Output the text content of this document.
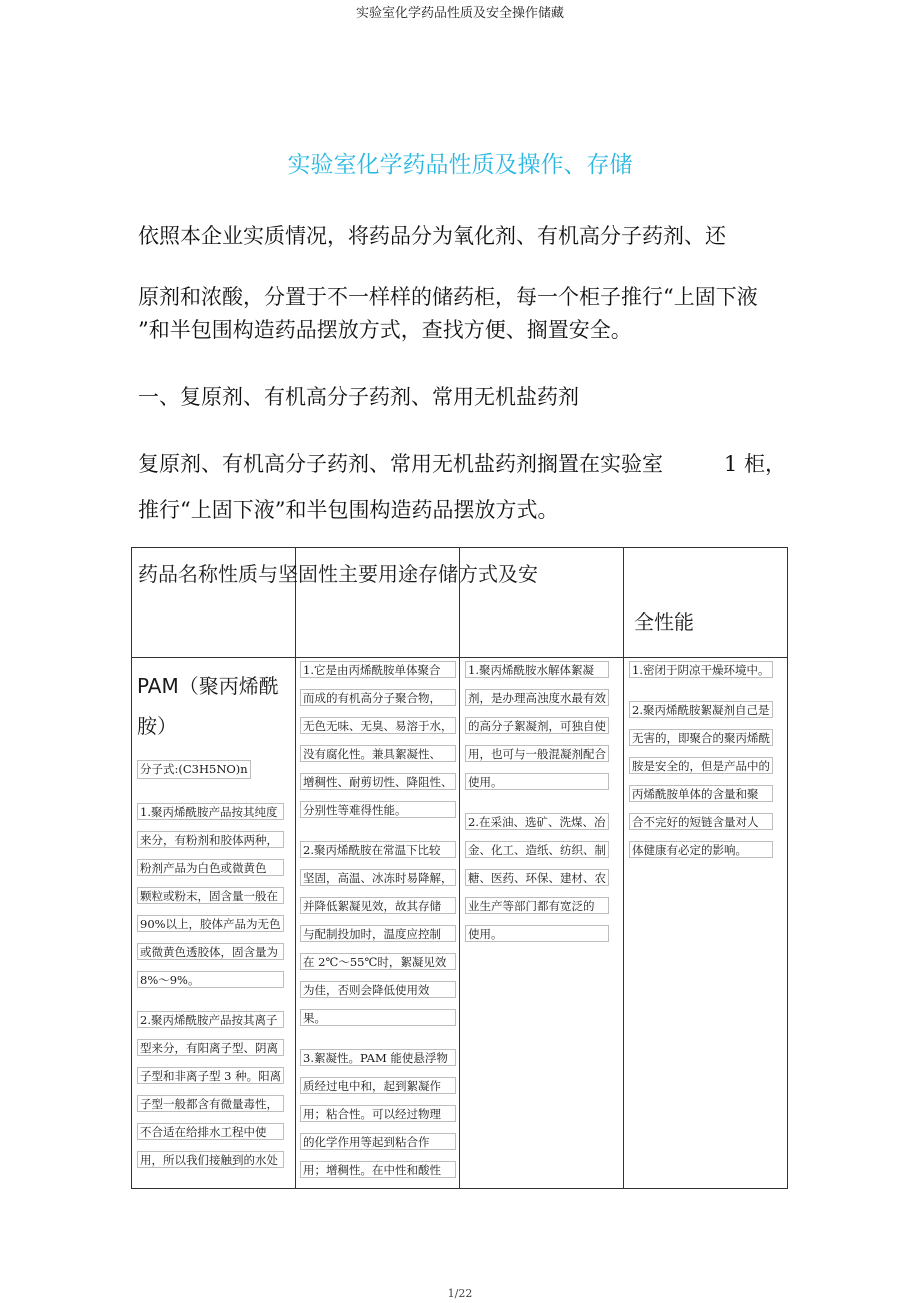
实验室化学药品性质及安全操作储藏
实验室化学药品性质及操作、存储
依照本企业实质情况，将药品分为氧化剂、有机高分子药剂、还
原剂和浓酸，分置于不一样样的储药柜，每一个柜子推行“上固下液
”和半包围构造药品摆放方式，查找方便、搁置安全。
一、复原剂、有机高分子药剂、常用无机盐药剂
复原剂、有机高分子药剂、常用无机盐药剂搁置在实验室	1 柜，
推行“上固下液”和半包围构造药品摆放方式。
药品名称性质与坚固性主要用途存储方式及安
全性能
PAM（聚丙烯酰
胺）
分子式:(C3H5NO)n
1.聚丙烯酰胺产品按其纯度
来分，有粉剂和胶体两种，
粉剂产品为白色或微黄色
颗粒或粉末，固含量一般在
90%以上，胶体产品为无色
或微黄色透胶体，固含量为
8%～9%。
2.聚丙烯酰胺产品按其离子
型来分，有阳离子型、阴离
子型和非离子型 3 种。阳离
子型一般都含有微量毒性，
不合适在给排水工程中使
用，所以我们接触到的水处
1.它是由丙烯酰胺单体聚合
而成的有机高分子聚合物，
无色无味、无臭、易溶于水，
没有腐化性。兼具絮凝性、
增稠性、耐剪切性、降阻性、
分别性等难得性能。
2.聚丙烯酰胺在常温下比较
坚固，高温、冰冻时易降解，
并降低絮凝见效，故其存储
与配制投加时，温度应控制
在 2℃～55℃时，絮凝见效
为佳，否则会降低使用效
果。
3.絮凝性。PAM 能使悬浮物
质经过电中和，起到絮凝作
用；粘合性。可以经过物理
的化学作用等起到粘合作
用；增稠性。在中性和酸性
1.聚丙烯酰胺水解体絮凝
剂，是办理高浊度水最有效
的高分子絮凝剂，可独自使
用，也可与一般混凝剂配合
使用。
2.在采油、选矿、洗煤、冶
金、化工、造纸、纺织、制
糖、医药、环保、建材、农
业生产等部门都有宽泛的
使用。
1.密闭于阴凉干燥环境中。
2.聚丙烯酰胺絮凝剂自己是
无害的，即聚合的聚丙烯酰
胺是安全的，但是产品中的
丙烯酰胺单体的含量和聚
合不完好的短链含量对人
体健康有必定的影响。
1/22
